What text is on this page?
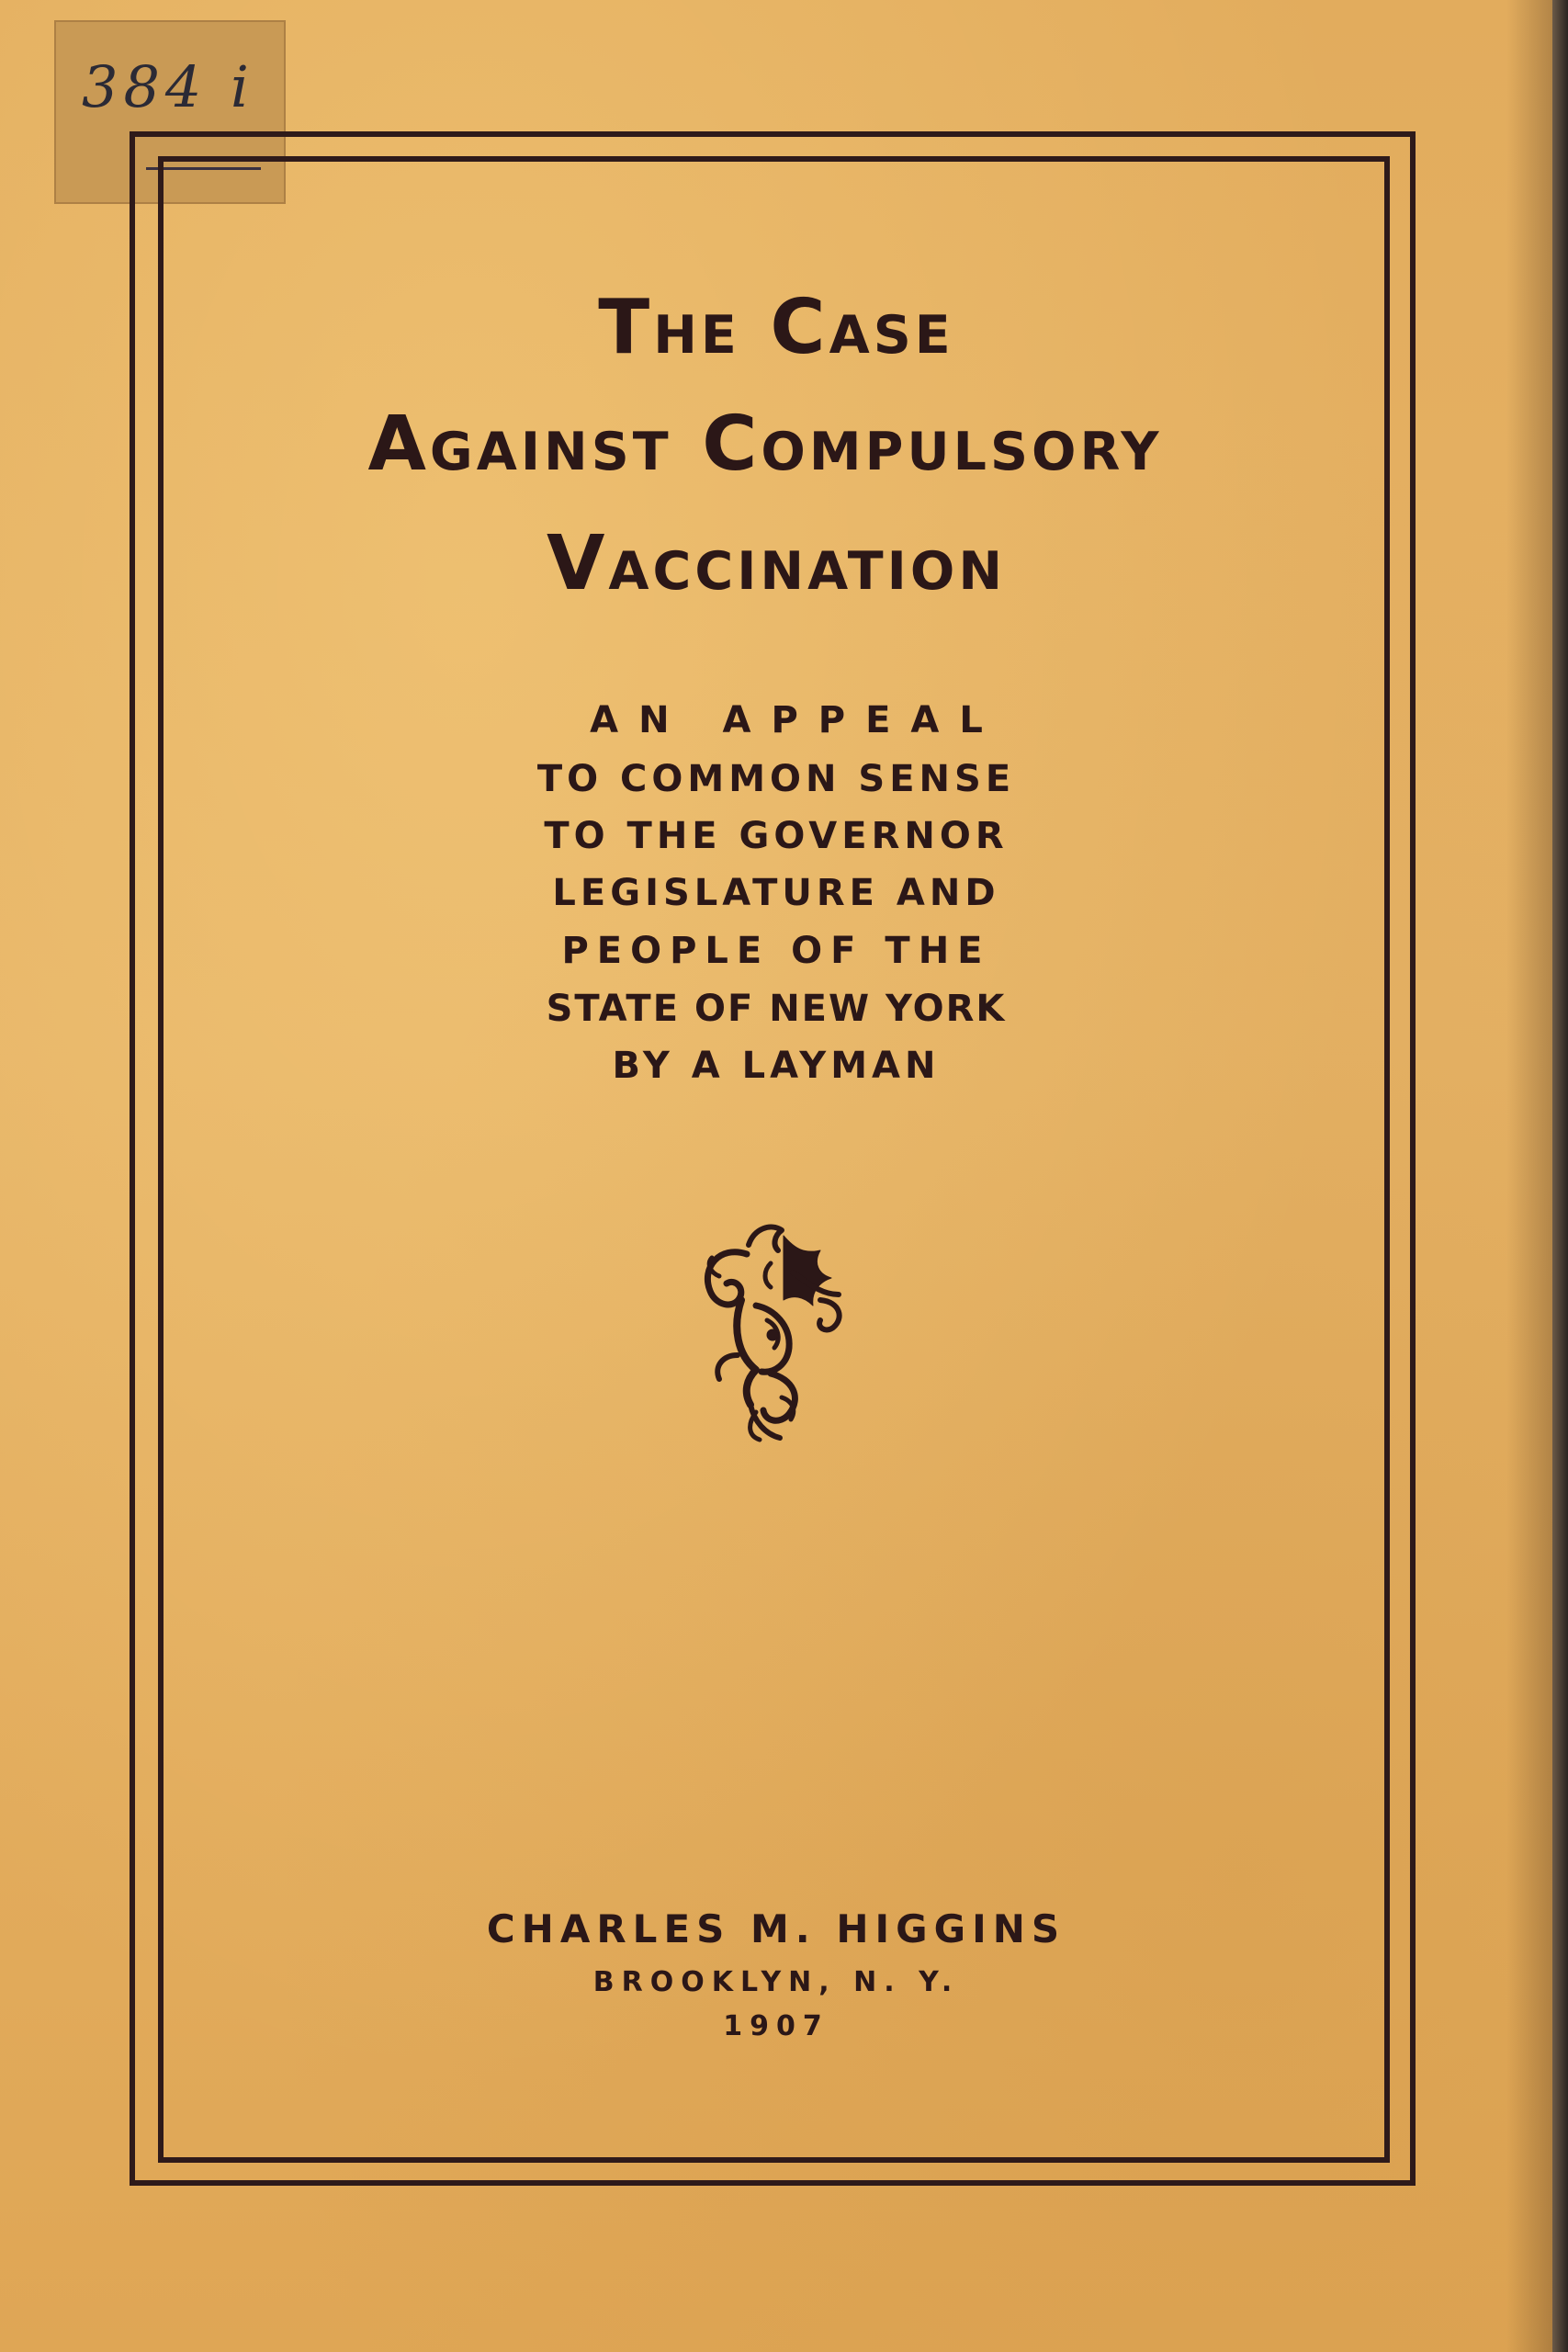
384 i
The Case
Against Compulsory
Vaccination
AN APPEAL
TO COMMON SENSE
TO THE GOVERNOR
LEGISLATURE AND
PEOPLE OF THE
STATE OF NEW YORK
BY A LAYMAN
CHARLES M. HIGGINS
BROOKLYN, N. Y.
1907
